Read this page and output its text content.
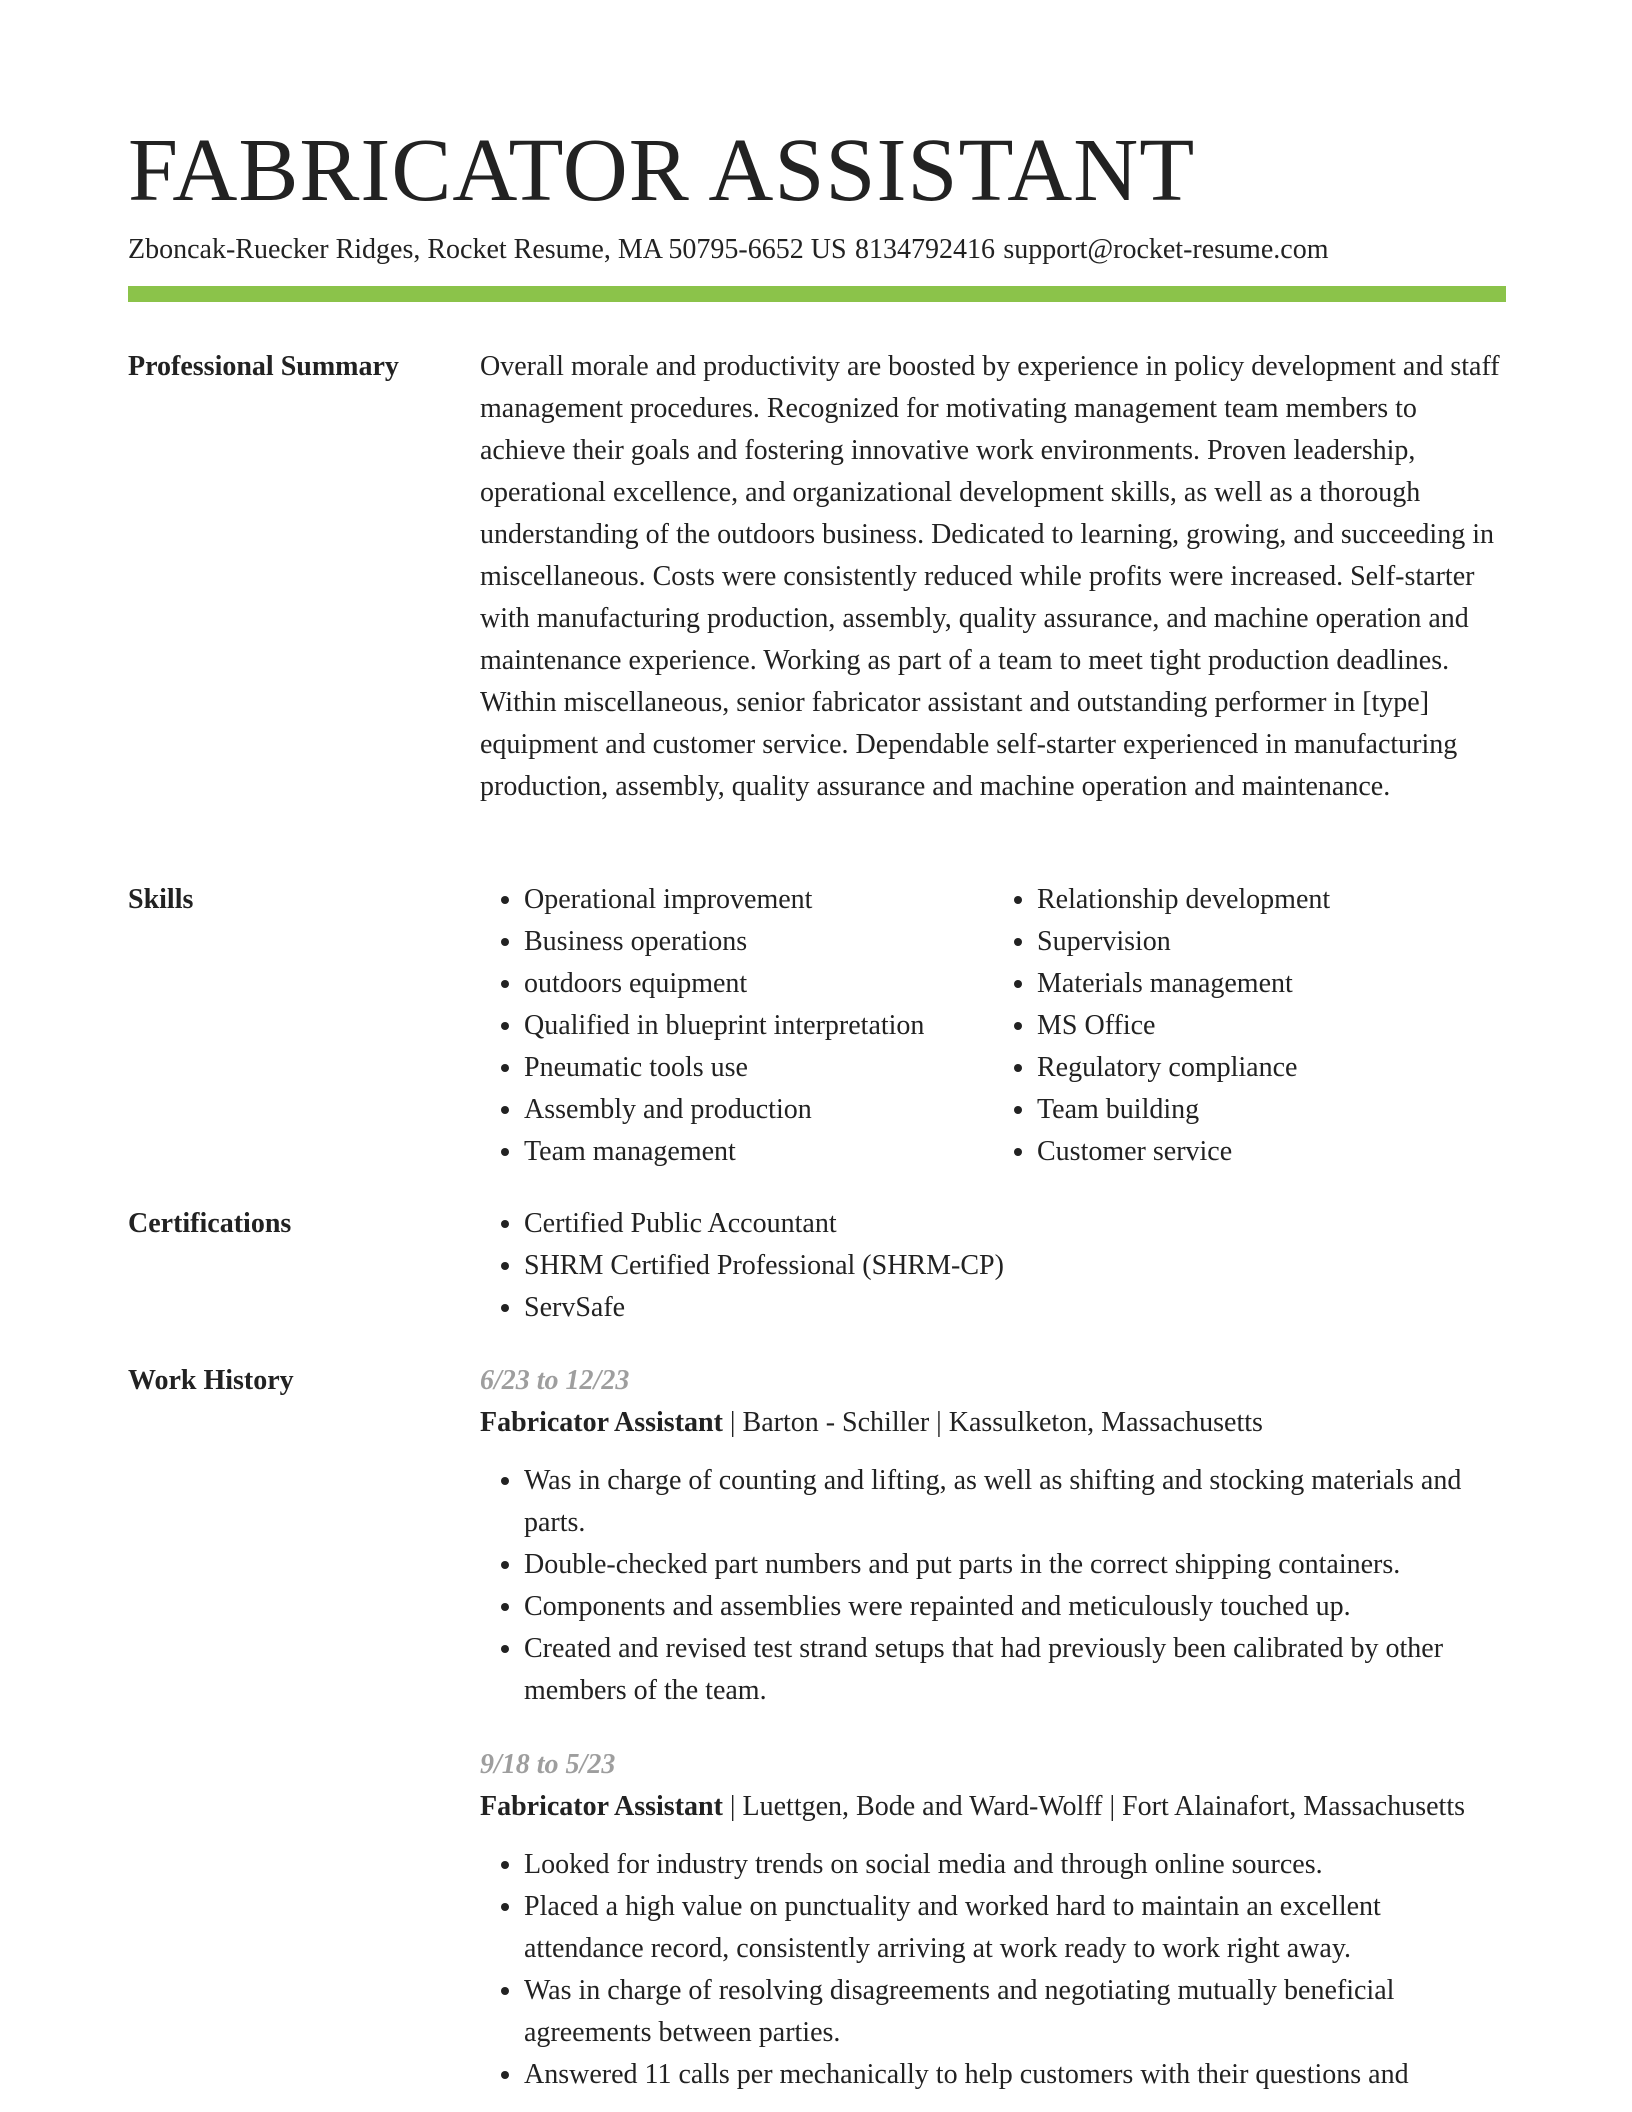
FABRICATOR ASSISTANT
Zboncak-Ruecker Ridges, Rocket Resume, MA 50795-6652 US 8134792416 support@rocket-resume.com
Professional Summary	Overall morale and productivity are boosted by experience in policy development and staff management procedures. Recognized for motivating management team members to achieve their goals and fostering innovative work environments. Proven leadership, operational excellence, and organizational development skills, as well as a thorough understanding of the outdoors business. Dedicated to learning, growing, and succeeding in miscellaneous. Costs were consistently reduced while profits were increased. Self-starter with manufacturing production, assembly, quality assurance, and machine operation and maintenance experience. Working as part of a team to meet tight production deadlines. Within miscellaneous, senior fabricator assistant and outstanding performer in [type] equipment and customer service. Dependable self-starter experienced in manufacturing production, assembly, quality assurance and machine operation and maintenance.

Skills	• Operational improvement
• Business operations
• outdoors equipment
• Qualified in blueprint interpretation
• Pneumatic tools use
• Assembly and production
• Team management
• Relationship development
• Supervision
• Materials management
• MS Office
• Regulatory compliance
• Team building
• Customer service
Certifications	• Certified Public Accountant
• SHRM Certified Professional (SHRM-CP)
• ServSafe
Work History	6/23 to 12/23
Fabricator Assistant | Barton - Schiller | Kassulketon, Massachusetts
• Was in charge of counting and lifting, as well as shifting and stocking materials and parts.
• Double-checked part numbers and put parts in the correct shipping containers.
• Components and assemblies were repainted and meticulously touched up.
• Created and revised test strand setups that had previously been calibrated by other members of the team.
9/18 to 5/23
Fabricator Assistant | Luettgen, Bode and Ward-Wolff | Fort Alainafort, Massachusetts
• Looked for industry trends on social media and through online sources.
• Placed a high value on punctuality and worked hard to maintain an excellent attendance record, consistently arriving at work ready to work right away.
• Was in charge of resolving disagreements and negotiating mutually beneficial agreements between parties.
• Answered 11 calls per mechanically to help customers with their questions and
